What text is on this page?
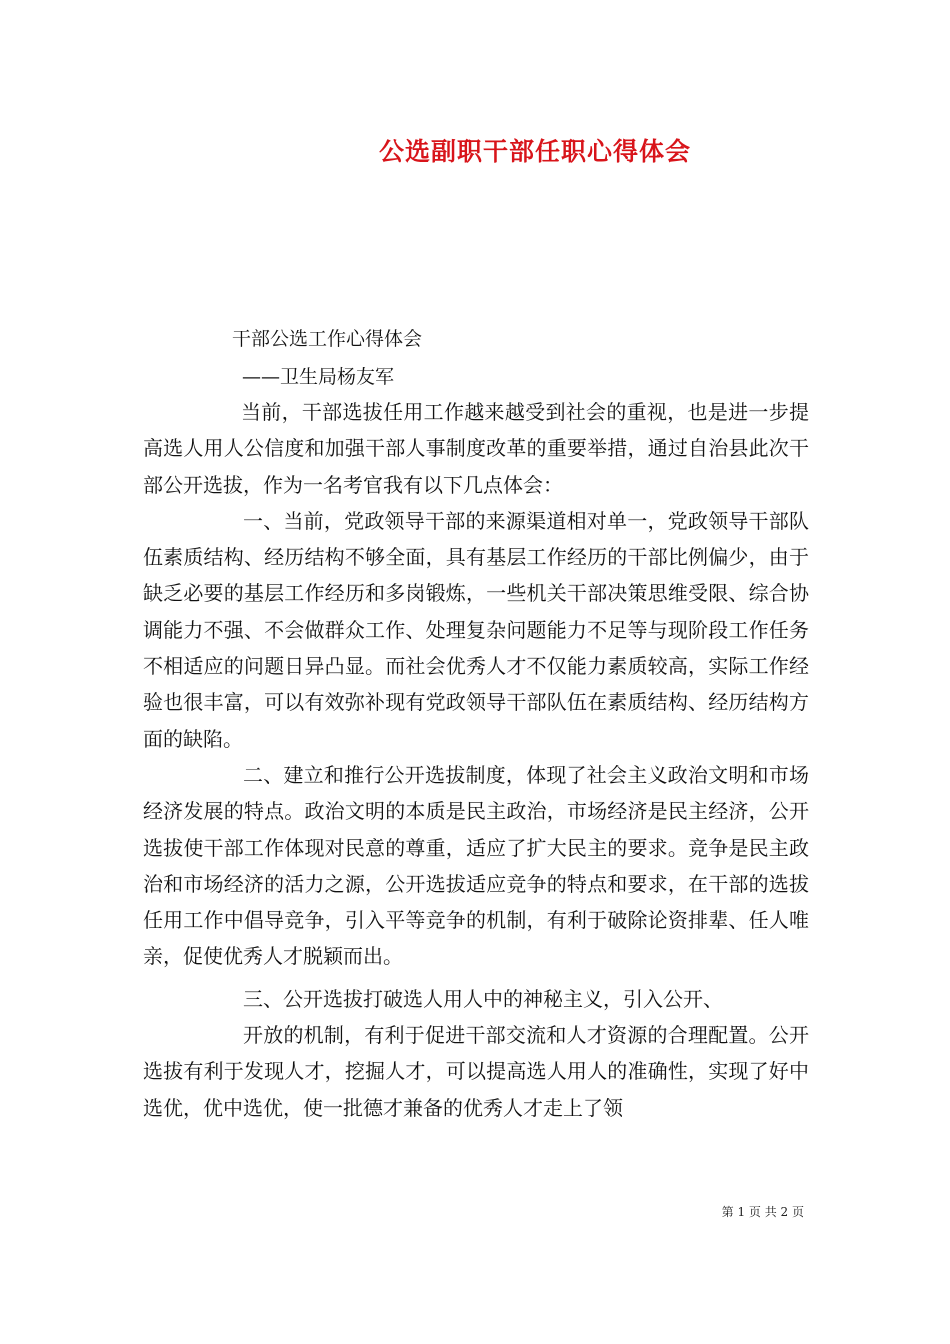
公选副职干部任职心得体会
干部公选工作心得体会
——卫生局杨友军

当前，干部选拔任用工作越来越受到社会的重视，也是进一步提高选人用人公信度和加强干部人事制度改革的重要举措，通过自治县此次干部公开选拔，作为一名考官我有以下几点体会：

一、当前，党政领导干部的来源渠道相对单一，党政领导干部队伍素质结构、经历结构不够全面，具有基层工作经历的干部比例偏少，由于缺乏必要的基层工作经历和多岗锻炼，一些机关干部决策思维受限、综合协调能力不强、不会做群众工作、处理复杂问题能力不足等与现阶段工作任务不相适应的问题日异凸显。而社会优秀人才不仅能力素质较高，实际工作经验也很丰富，可以有效弥补现有党政领导干部队伍在素质结构、经历结构方面的缺陷。

二、建立和推行公开选拔制度，体现了社会主义政治文明和市场经济发展的特点。政治文明的本质是民主政治，市场经济是民主经济，公开选拔使干部工作体现对民意的尊重，适应了扩大民主的要求。竞争是民主政治和市场经济的活力之源，公开选拔适应竞争的特点和要求，在干部的选拔任用工作中倡导竞争，引入平等竞争的机制，有利于破除论资排辈、任人唯亲，促使优秀人才脱颖而出。

三、公开选拔打破选人用人中的神秘主义，引入公开、

开放的机制，有利于促进干部交流和人才资源的合理配置。公开选拔有利于发现人才，挖掘人才，可以提高选人用人的准确性，实现了好中选优，优中选优，使一批德才兼备的优秀人才走上了领

第 1 页 共 2 页
